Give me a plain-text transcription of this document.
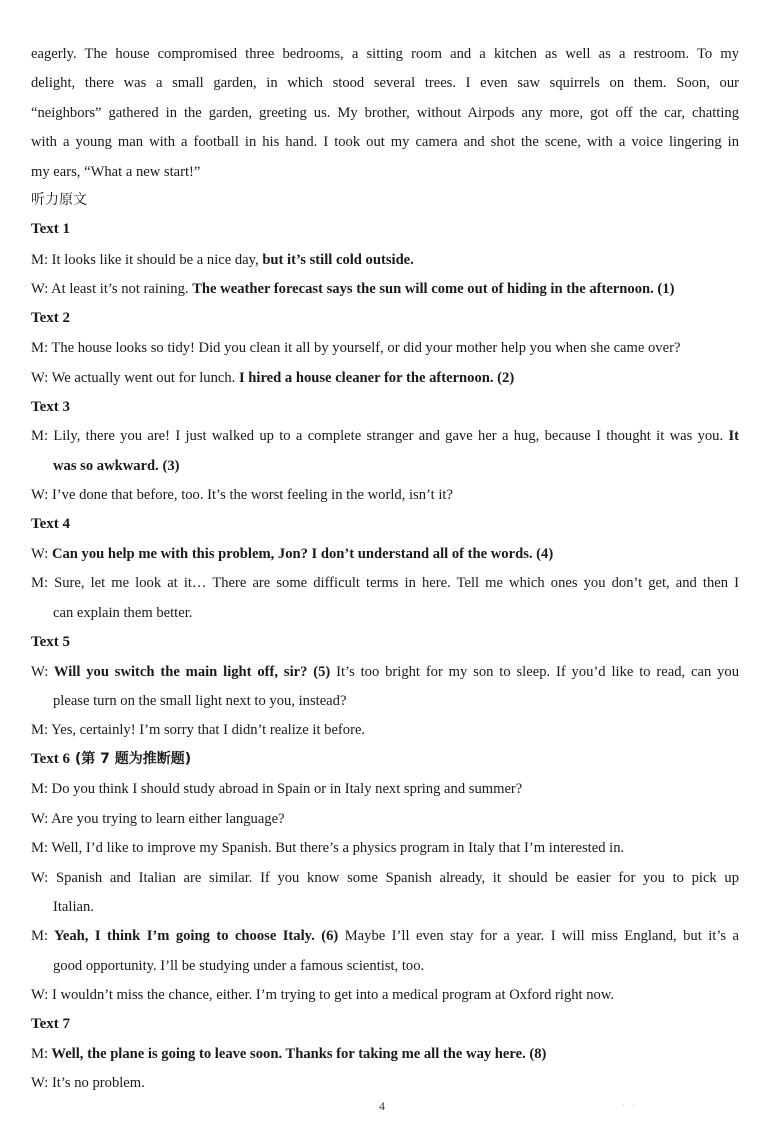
eagerly. The house compromised three bedrooms, a sitting room and a kitchen as well as a restroom. To my
delight, there was a small garden, in which stood several trees. I even saw squirrels on them. Soon, our
“neighbors” gathered in the garden, greeting us. My brother, without Airpods any more, got off the car, chatting
with a young man with a football in his hand. I took out my camera and shot the scene, with a voice lingering in
my ears, “What a new start!”
听力原文
Text 1
M: It looks like it should be a nice day, but it’s still cold outside.
W: At least it’s not raining. The weather forecast says the sun will come out of hiding in the afternoon. (1)
Text 2
M: The house looks so tidy! Did you clean it all by yourself, or did your mother help you when she came over?
W: We actually went out for lunch. I hired a house cleaner for the afternoon. (2)
Text 3
M: Lily, there you are! I just walked up to a complete stranger and gave her a hug, because I thought it was you. It
was so awkward. (3)
W: I’ve done that before, too. It’s the worst feeling in the world, isn’t it?
Text 4
W: Can you help me with this problem, Jon? I don’t understand all of the words. (4)
M: Sure, let me look at it… There are some difficult terms in here. Tell me which ones you don’t get, and then I
can explain them better.
Text 5
W: Will you switch the main light off, sir? (5) It’s too bright for my son to sleep. If you’d like to read, can you
please turn on the small light next to you, instead?
M: Yes, certainly! I’m sorry that I didn’t realize it before.
Text 6 (第 7 题为推断题)
M: Do you think I should study abroad in Spain or in Italy next spring and summer?
W: Are you trying to learn either language?
M: Well, I’d like to improve my Spanish. But there’s a physics program in Italy that I’m interested in.
W: Spanish and Italian are similar. If you know some Spanish already, it should be easier for you to pick up
Italian.
M: Yeah, I think I’m going to choose Italy. (6) Maybe I’ll even stay for a year. I will miss England, but it’s a
good opportunity. I’ll be studying under a famous scientist, too.
W: I wouldn’t miss the chance, either. I’m trying to get into a medical program at Oxford right now.
Text 7
M: Well, the plane is going to leave soon. Thanks for taking me all the way here. (8)
W: It’s no problem.
4	· ·
